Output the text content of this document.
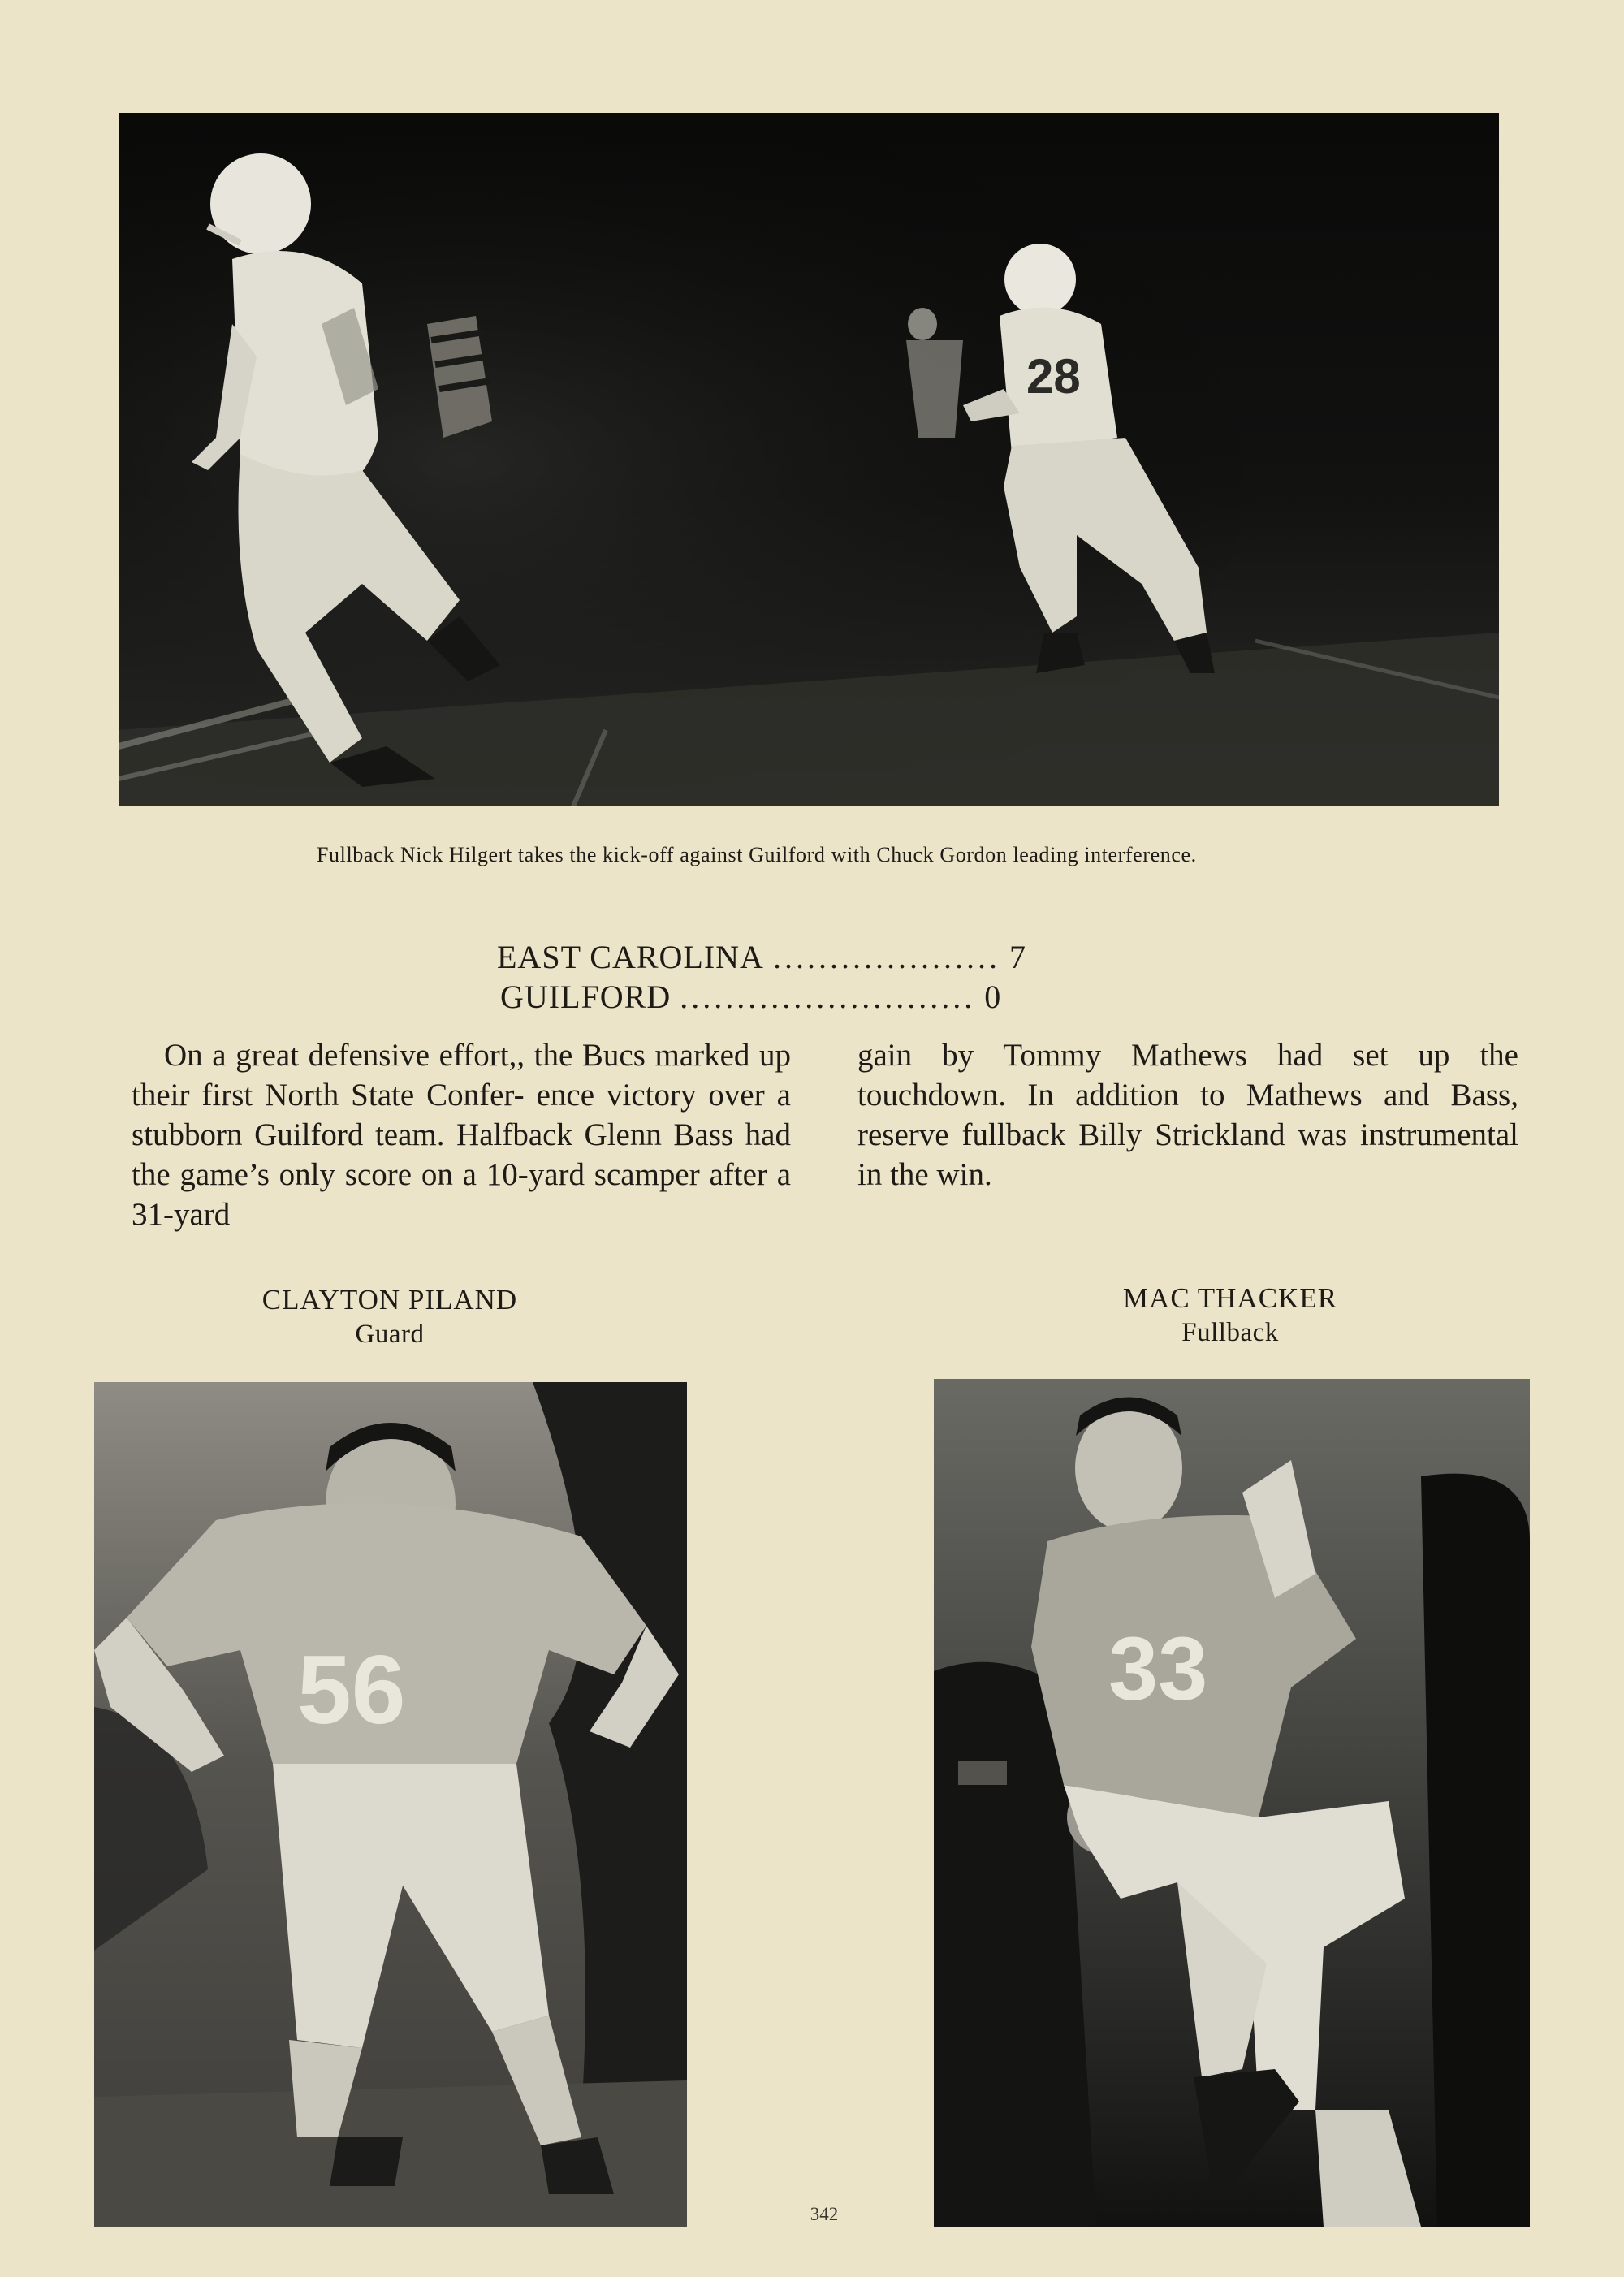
28
Fullback Nick Hilgert takes the kick-off against Guilford with Chuck Gordon leading interference.
EAST CAROLINA .................... 7
GUILFORD .......................... 0
On a great defensive effort,, the Bucs marked up their first North State Confer- ence victory over a stubborn Guilford team. Halfback Glenn Bass had the game’s only score on a 10-yard scamper after a 31-yard
gain by Tommy Mathews had set up the touchdown. In addition to Mathews and Bass, reserve fullback Billy Strickland was instrumental in the win.
CLAYTON PILAND
Guard
MAC THACKER
Fullback
56	33
342
